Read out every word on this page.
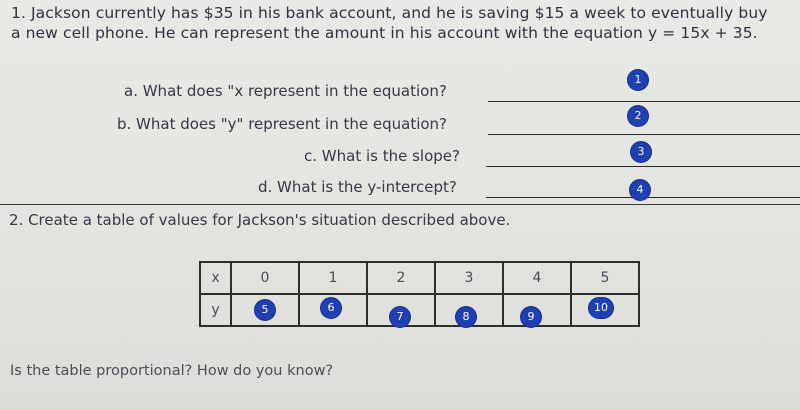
1. Jackson currently has $35 in his bank account, and he is saving $15 a week to eventually buy
a new cell phone. He can represent the amount in his account with the equation y = 15x + 35.
a. What does "x represent in the equation?
1
b. What does "y" represent in the equation?	2
c. What is the slope?	3
d. What is the y-intercept?	4
2. Create a table of values for Jackson's situation described above.
x	0	1	2	3	4	5
y	5	6	7	8	9	10
Is the table proportional? How do you know?
